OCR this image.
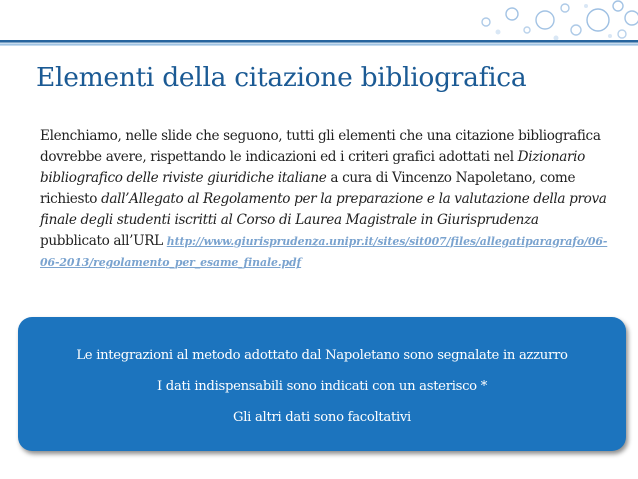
Elementi della citazione bibliografica

Elenchiamo, nelle slide che seguono, tutti gli elementi che una citazione bibliografica dovrebbe avere, rispettando le indicazioni ed i criteri grafici adottati nel Dizionario bibliografico delle riviste giuridiche italiane a cura di Vincenzo Napoletano, come richiesto dall’Allegato al Regolamento per la preparazione e la valutazione della prova finale degli studenti iscritti al Corso di Laurea Magistrale in Giurisprudenza pubblicato all’URL http://www.giurisprudenza.unipr.it/sites/sit007/files/allegatiparagrafo/06-06-2013/regolamento_per_esame_finale.pdf

Le integrazioni al metodo adottato dal Napoletano sono segnalate in azzurro
I dati indispensabili sono indicati con un asterisco *
Gli altri dati sono facoltativi
